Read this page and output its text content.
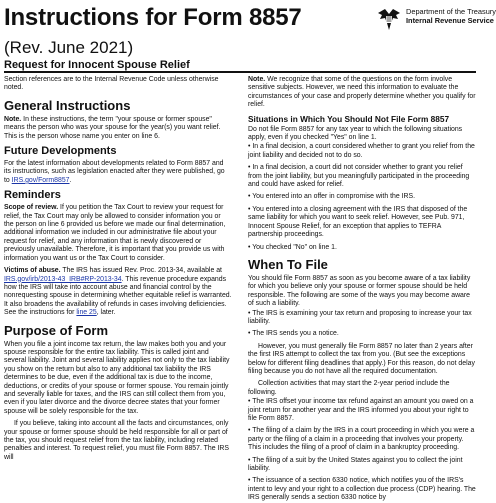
Instructions for Form 8857
(Rev. June 2021)
Request for Innocent Spouse Relief
Department of the Treasury
Internal Revenue Service

Section references are to the Internal Revenue Code unless otherwise noted.

General Instructions

Note. In these instructions, the term "your spouse or former spouse" means the person who was your spouse for the year(s) you want relief. This is the person whose name you enter on line 6.

Future Developments

For the latest information about developments related to Form 8857 and its instructions, such as legislation enacted after they were published, go to IRS.gov/Form8857.

Reminders

Scope of review. If you petition the Tax Court to review your request for relief, the Tax Court may only be allowed to consider information you or the person on line 6 provided us before we made our final determination, additional information we included in our administrative file about your request for relief, and any information that is newly discovered or previously unavailable. Therefore, it is important that you provide us with information you want us or the Tax Court to consider.

Victims of abuse. The IRS has issued Rev. Proc. 2013-34, available at IRS.gov/irb/2013-43_IRB#RP-2013-34. This revenue procedure expands how the IRS will take into account abuse and financial control by the nonrequesting spouse in determining whether equitable relief is warranted. It also broadens the availability of refunds in cases involving deficiencies. See the instructions for line 25, later.

Purpose of Form

When you file a joint income tax return, the law makes both you and your spouse responsible for the entire tax liability. This is called joint and several liability. Joint and several liability applies not only to the tax liability you show on the return but also to any additional tax liability the IRS determines to be due, even if the additional tax is due to the income, deductions, or credits of your spouse or former spouse. You remain jointly and severally liable for taxes, and the IRS can still collect them from you, even if you later divorce and the divorce decree states that your former spouse will be solely responsible for the tax.

If you believe, taking into account all the facts and circumstances, only your spouse or former spouse should be held responsible for all or part of the tax, you should request relief from the tax liability, including related penalties and interest. To request relief, you must file Form 8857. The IRS will

Note. We recognize that some of the questions on the form involve sensitive subjects. However, we need this information to evaluate the circumstances of your case and properly determine whether you qualify for relief.

Situations in Which You Should Not File Form 8857

Do not file Form 8857 for any tax year to which the following situations apply, even if you checked "Yes" on line 1.

• In a final decision, a court considered whether to grant you relief from the joint liability and decided not to do so.

• In a final decision, a court did not consider whether to grant you relief from the joint liability, but you meaningfully participated in the proceeding and could have asked for relief.

• You entered into an offer in compromise with the IRS.

• You entered into a closing agreement with the IRS that disposed of the same liability for which you want to seek relief. However, see Pub. 971, Innocent Spouse Relief, for an exception that applies to TEFRA partnership proceedings.

• You checked "No" on line 1.

When To File

You should file Form 8857 as soon as you become aware of a tax liability for which you believe only your spouse or former spouse should be held responsible. The following are some of the ways you may become aware of such a liability.

• The IRS is examining your tax return and proposing to increase your tax liability.

• The IRS sends you a notice.

However, you must generally file Form 8857 no later than 2 years after the first IRS attempt to collect the tax from you. (But see the exceptions below for different filing deadlines that apply.) For this reason, do not delay filing because you do not have all the required documentation.

Collection activities that may start the 2-year period include the following.

• The IRS offset your income tax refund against an amount you owed on a joint return for another year and the IRS informed you about your right to file Form 8857.

• The filing of a claim by the IRS in a court proceeding in which you were a party or the filing of a claim in a proceeding that involves your property. This includes the filing of a proof of claim in a bankruptcy proceeding.

• The filing of a suit by the United States against you to collect the joint liability.

• The issuance of a section 6330 notice, which notifies you of the IRS's intent to levy and your right to a collection due process (CDP) hearing. The IRS generally sends a section 6330 notice by
